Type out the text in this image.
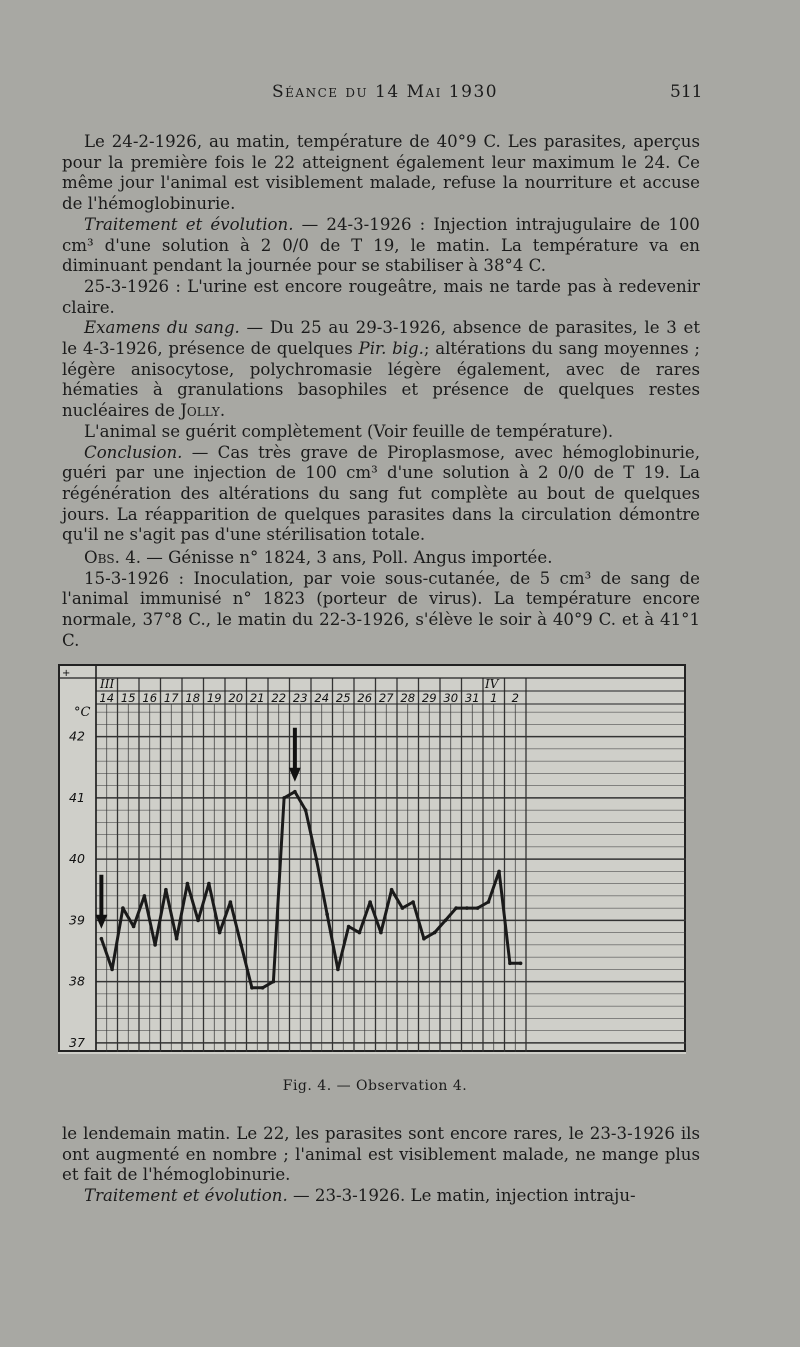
Séance du 14 Mai 1930	511

Le 24-2-1926, au matin, température de 40°9 C. Les parasites, aperçus pour la première fois le 22 atteignent également leur maximum le 24. Ce même jour l'animal est visiblement malade, refuse la nourriture et accuse de l'hémoglobinurie.

Traitement et évolution. — 24-3-1926 : Injection intrajugulaire de 100 cm³ d'une solution à 2 0/0 de T 19, le matin. La température va en diminuant pendant la journée pour se stabiliser à 38°4 C.

25-3-1926 : L'urine est encore rougeâtre, mais ne tarde pas à redevenir claire.

Examens du sang. — Du 25 au 29-3-1926, absence de parasites, le 3 et le 4-3-1926, présence de quelques Pir. big.; altérations du sang moyennes ; légère anisocytose, polychromasie légère également, avec de rares hématies à granulations basophiles et présence de quelques restes nucléaires de Jolly.

L'animal se guérit complètement (Voir feuille de température).

Conclusion. — Cas très grave de Piroplasmose, avec hémoglobinurie, guéri par une injection de 100 cm³ d'une solution à 2 0/0 de T 19. La régénération des altérations du sang fut complète au bout de quelques jours. La réapparition de quelques parasites dans la circulation démontre qu'il ne s'agit pas d'une stérilisation totale.

Obs. 4. — Génisse n° 1824, 3 ans, Poll. Angus importée.

15-3-1926 : Inoculation, par voie sous-cutanée, de 5 cm³ de sang de l'animal immunisé n° 1823 (porteur de virus). La température encore normale, 37°8 C., le matin du 22-3-1926, s'élève le soir à 40°9 C. et à 41°1 C.

+
III	IV
14 15 16 17 18 19 20 21 22 23 24 25 26 27 28 29 30 31 1 2
°C
42
41
40
39
38
37
Fig. 4. — Observation 4.

le lendemain matin. Le 22, les parasites sont encore rares, le 23-3-1926 ils ont augmenté en nombre ; l'animal est visiblement malade, ne mange plus et fait de l'hémoglobinurie.

Traitement et évolution. — 23-3-1926. Le matin, injection intraju-
